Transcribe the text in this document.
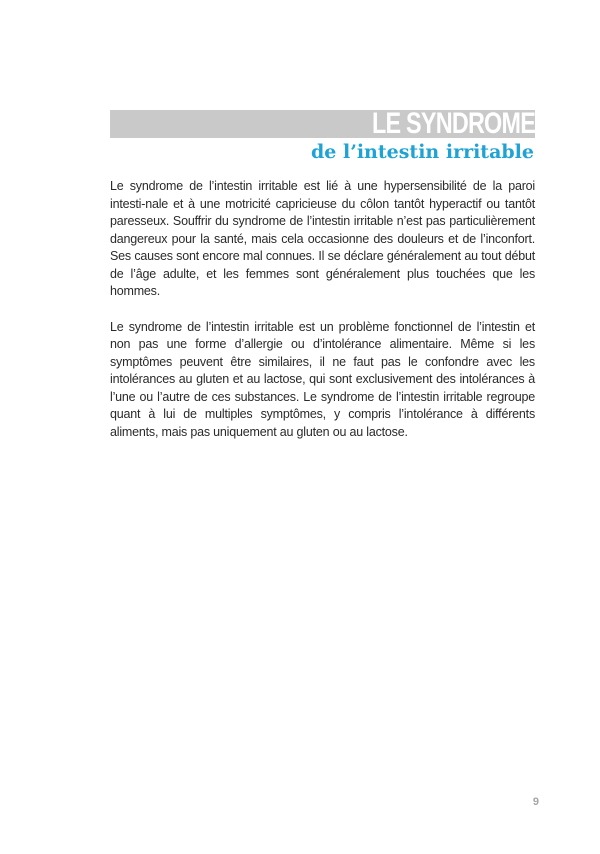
LE SYNDROME
de l’intestin irritable

Le syndrome de l’intestin irritable est lié à une hypersensibilité de la paroi intesti-nale et à une motricité capricieuse du côlon tantôt hyperactif ou tantôt paresseux. Souffrir du syndrome de l’intestin irritable n’est pas particulièrement dangereux pour la santé, mais cela occasionne des douleurs et de l’inconfort. Ses causes sont encore mal connues. Il se déclare généralement au tout début de l’âge adulte, et les femmes sont généralement plus touchées que les hommes.

Le syndrome de l’intestin irritable est un problème fonctionnel de l’intestin et non pas une forme d’allergie ou d’intolérance alimentaire. Même si les symptômes peuvent être similaires, il ne faut pas le confondre avec les intolérances au gluten et au lactose, qui sont exclusivement des intolérances à l’une ou l’autre de ces substances. Le syndrome de l’intestin irritable regroupe quant à lui de multiples symptômes, y compris l’intolérance à différents aliments, mais pas uniquement au gluten ou au lactose.

9
